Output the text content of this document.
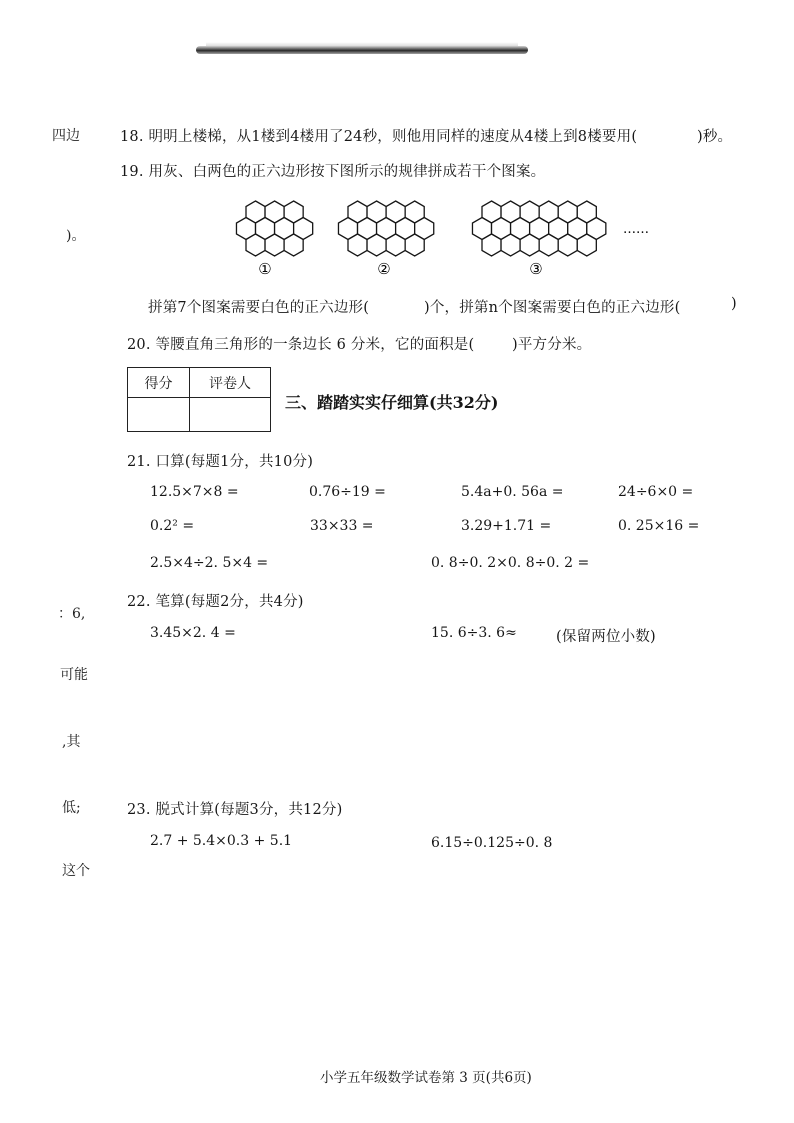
四边
)。
：6,
可能
,其
低;
这个
18. 明明上楼梯，从1楼到4楼用了24秒，则他用同样的速度从4楼上到8楼要用(	)秒。
19. 用灰、白两色的正六边形按下图所示的规律拼成若干个图案。
①	②	③
……
拼第7个图案需要白色的正六边形(	)个，拼第n个图案需要白色的正六边形(	)
20. 等腰直角三角形的一条边长 6 分米，它的面积是(	)平方分米。
得分	评卷人

三、踏踏实实仔细算(共32分)
21. 口算(每题1分，共10分)
12.5×7×8 =	0.76÷19 =	5.4a+0. 56a =	24÷6×0 =
0.2² =	33×33 =	3.29+1.71 =	0. 25×16 =
2.5×4÷2. 5×4 =	0. 8÷0. 2×0. 8÷0. 2 =
22. 笔算(每题2分，共4分)
3.45×2. 4 =	15. 6÷3. 6≈	(保留两位小数)
23. 脱式计算(每题3分，共12分)
2.7 + 5.4×0.3 + 5.1	6.15÷0.125÷0. 8
小学五年级数学试卷第 3 页(共6页)
